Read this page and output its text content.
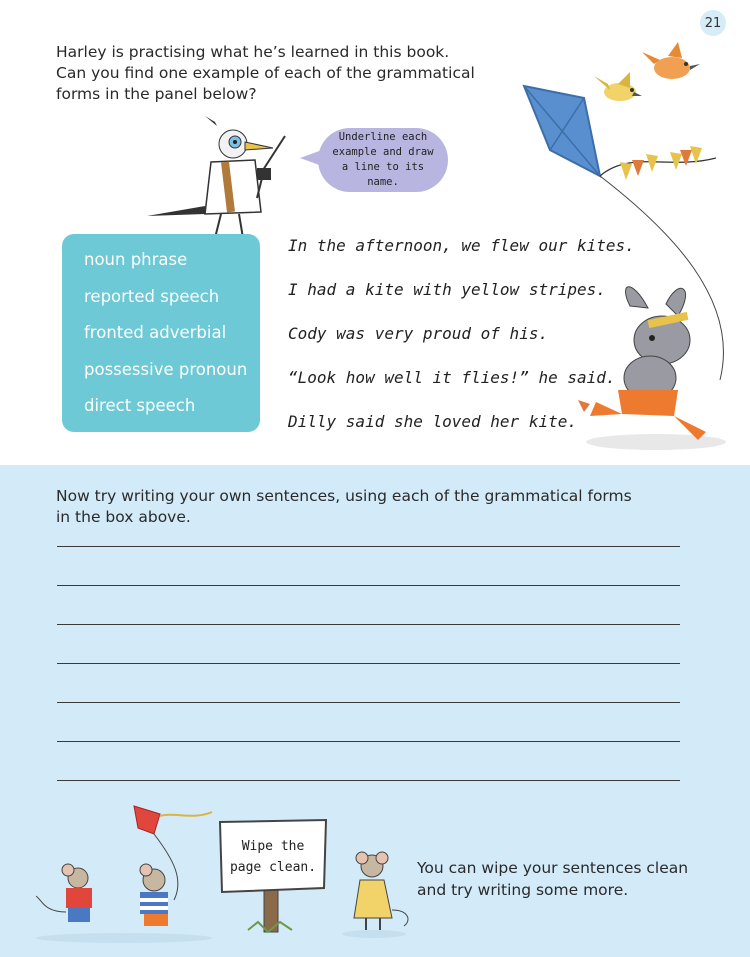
21

Harley is practising what he’s learned in this book.

Can you find one example of each of the grammatical

forms in the panel below?

Underline each
example and draw
a line to its name.
noun phrase
reported speech
fronted adverbial
possessive pronoun
direct speech
In the afternoon, we flew our kites.
I had a kite with yellow stripes.
Cody was very proud of his.
“Look how well it flies!” he said.
Dilly said she loved her kite.
Now try writing your own sentences, using each of the grammatical forms
in the box above.
Wipe the
page clean.	You can wipe your sentences clean
and try writing some more.
